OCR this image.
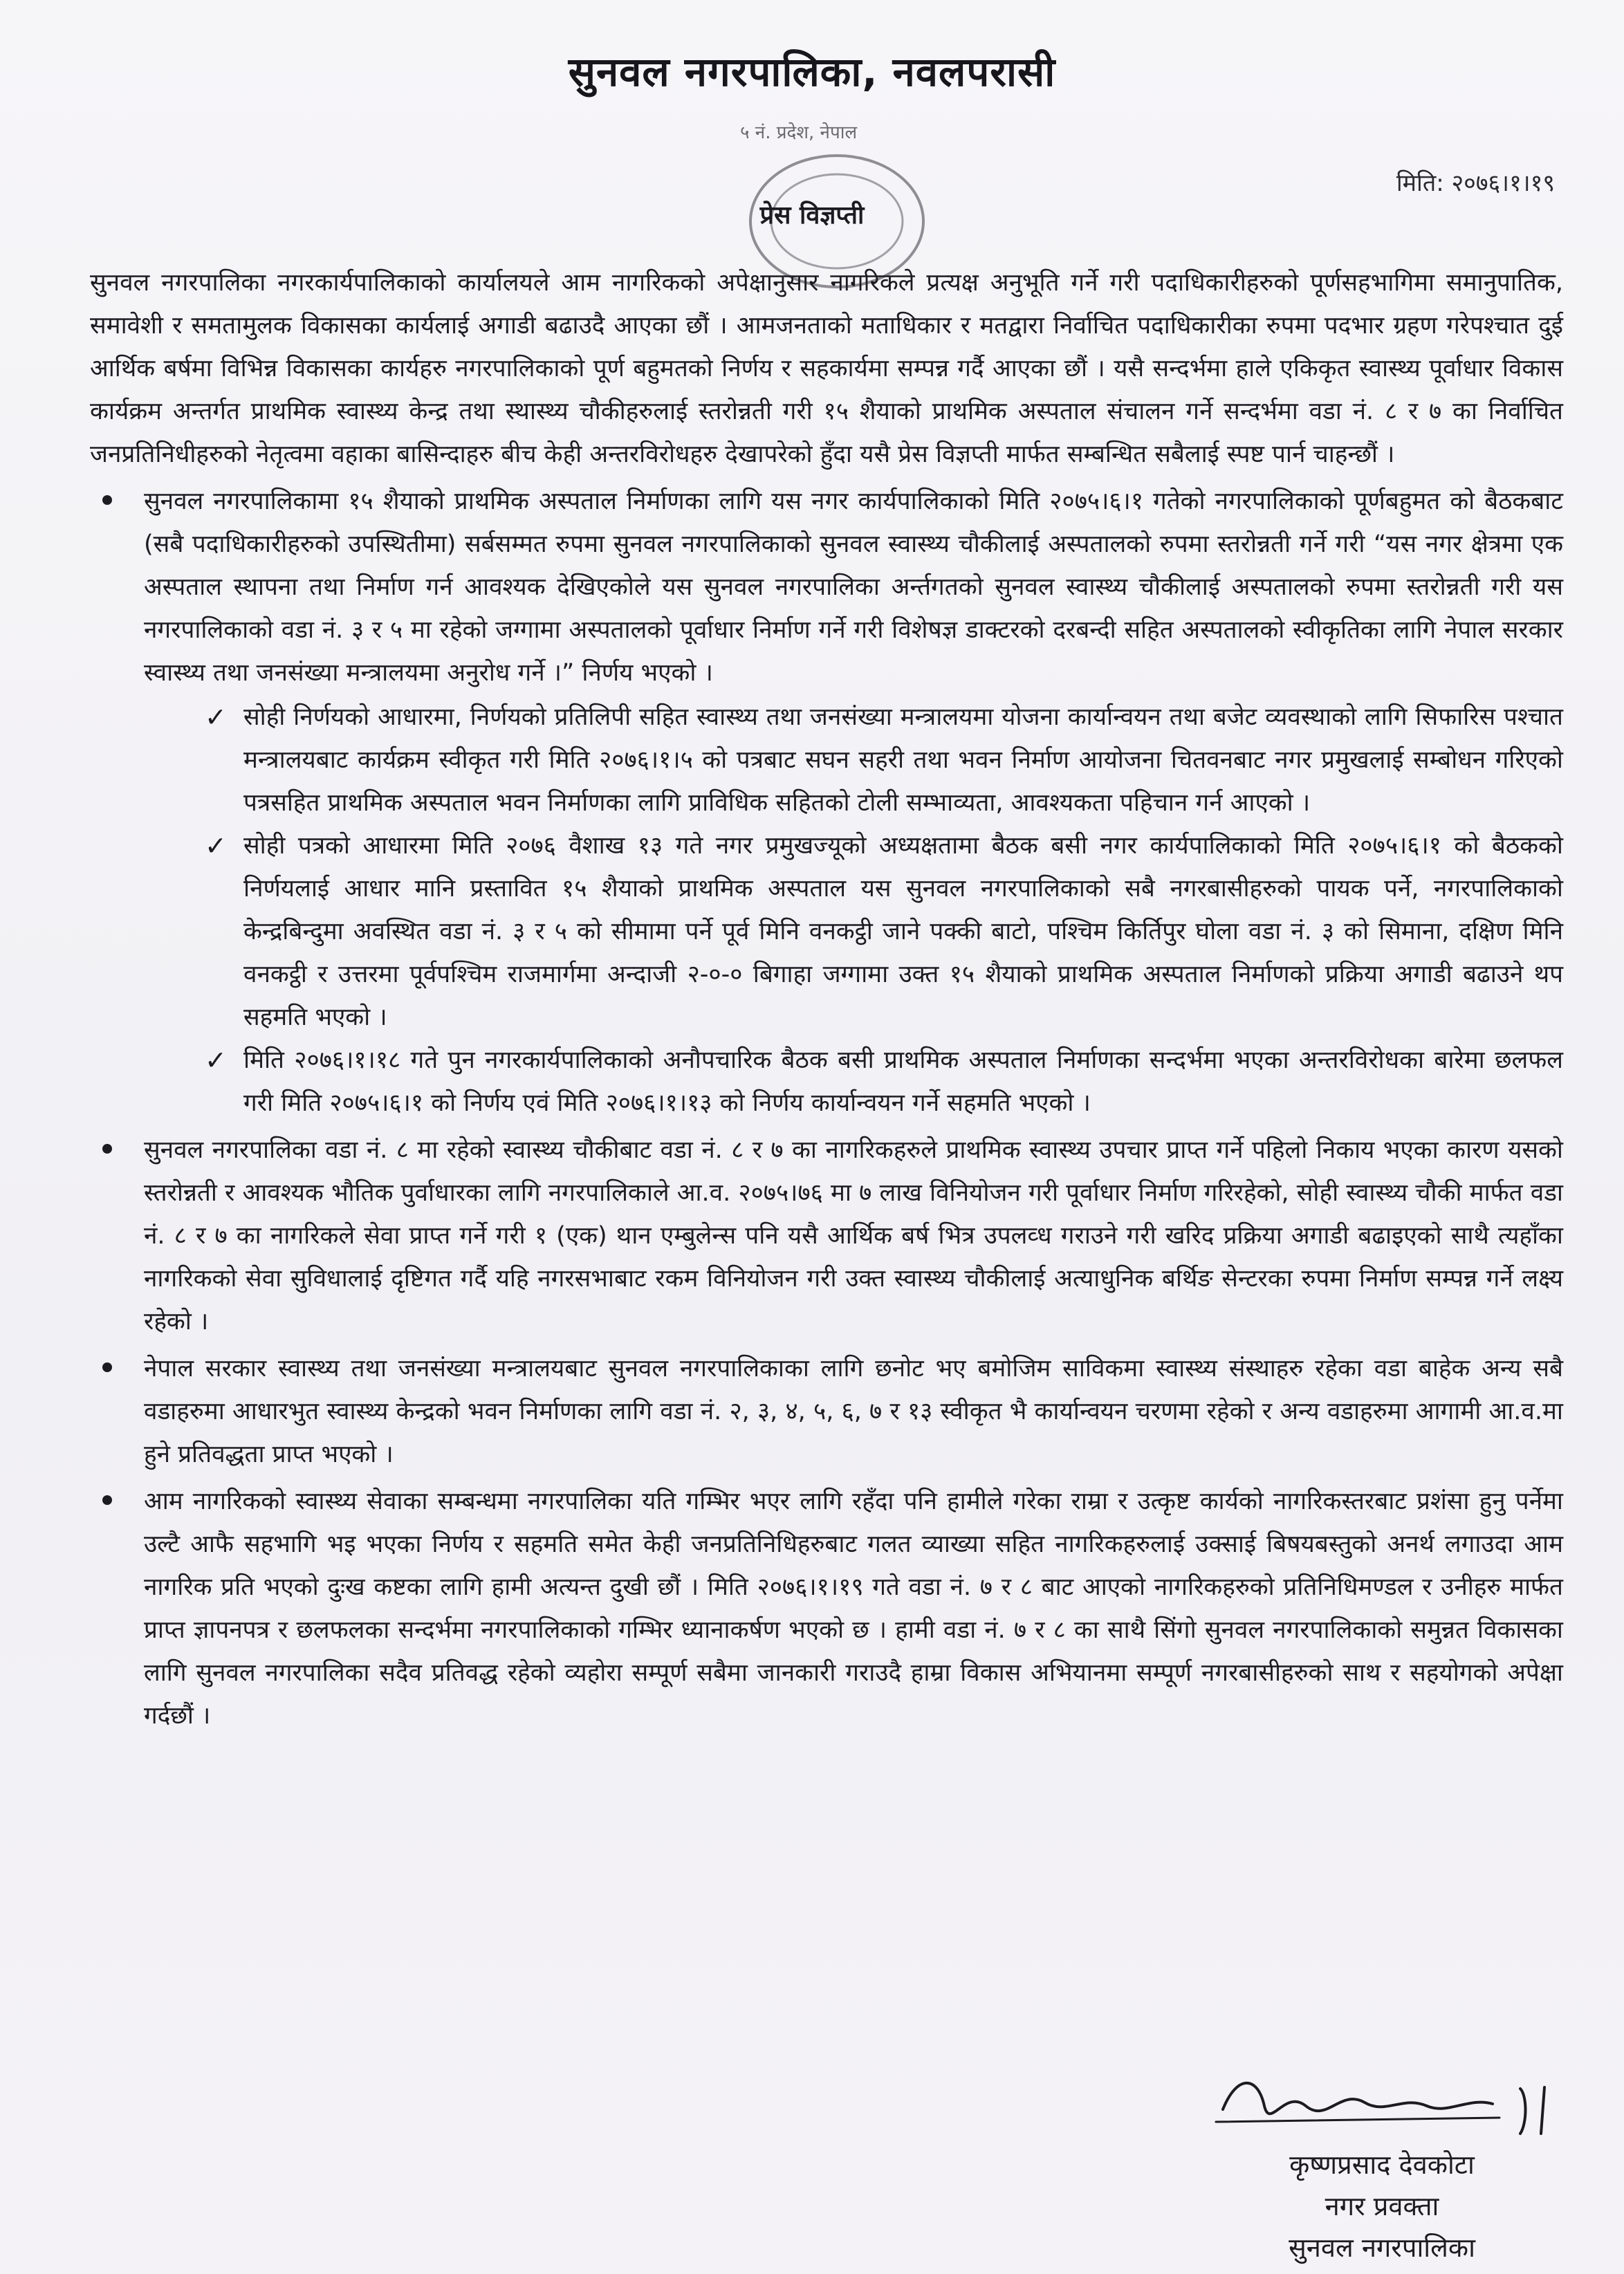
सुनवल नगरपालिका, नवलपरासी
५ नं. प्रदेश, नेपाल
मिति: २०७६।१।१९
प्रेस विज्ञप्ती

सुनवल नगरपालिका नगरकार्यपालिकाको कार्यालयले आम नागरिकको अपेक्षानुसार नागरिकले प्रत्यक्ष अनुभूति गर्ने गरी पदाधिकारीहरुको पूर्णसहभागिमा समानुपातिक, समावेशी र समतामुलक विकासका कार्यलाई अगाडी बढाउदै आएका छौं । आमजनताको मताधिकार र मतद्वारा निर्वाचित पदाधिकारीका रुपमा पदभार ग्रहण गरेपश्चात दुई आर्थिक बर्षमा विभिन्न विकासका कार्यहरु नगरपालिकाको पूर्ण बहुमतको निर्णय र सहकार्यमा सम्पन्न गर्दै आएका छौं । यसै सन्दर्भमा हाले एकिकृत स्वास्थ्य पूर्वाधार विकास कार्यक्रम अन्तर्गत प्राथमिक स्वास्थ्य केन्द्र तथा स्थास्थ्य चौकीहरुलाई स्तरोन्नती गरी १५ शैयाको प्राथमिक अस्पताल संचालन गर्ने सन्दर्भमा वडा नं. ८ र ७ का निर्वाचित जनप्रतिनिधीहरुको नेतृत्वमा वहाका बासिन्दाहरु बीच केही अन्तरविरोधहरु देखापरेको हुँदा यसै प्रेस विज्ञप्ती मार्फत सम्बन्धित सबैलाई स्पष्ट पार्न चाहन्छौं ।

सुनवल नगरपालिकामा १५ शैयाको प्राथमिक अस्पताल निर्माणका लागि यस नगर कार्यपालिकाको मिति २०७५।६।१ गतेको नगरपालिकाको पूर्णबहुमत को बैठकबाट (सबै पदाधिकारीहरुको उपस्थितीमा) सर्बसम्मत रुपमा सुनवल नगरपालिकाको सुनवल स्वास्थ्य चौकीलाई अस्पतालको रुपमा स्तरोन्नती गर्ने गरी “यस नगर क्षेत्रमा एक अस्पताल स्थापना तथा निर्माण गर्न आवश्यक देखिएकोले यस सुनवल नगरपालिका अर्न्तगतको सुनवल स्वास्थ्य चौकीलाई अस्पतालको रुपमा स्तरोन्नती गरी यस नगरपालिकाको वडा नं. ३ र ५ मा रहेको जग्गामा अस्पतालको पूर्वाधार निर्माण गर्ने गरी विशेषज्ञ डाक्टरको दरबन्दी सहित अस्पतालको स्वीकृतिका लागि नेपाल सरकार स्वास्थ्य तथा जनसंख्या मन्त्रालयमा अनुरोध गर्ने ।” निर्णय भएको ।
✓ सोही निर्णयको आधारमा, निर्णयको प्रतिलिपी सहित स्वास्थ्य तथा जनसंख्या मन्त्रालयमा योजना कार्यान्वयन तथा बजेट व्यवस्थाको लागि सिफारिस पश्चात मन्त्रालयबाट कार्यक्रम स्वीकृत गरी मिति २०७६।१।५ को पत्रबाट सघन सहरी तथा भवन निर्माण आयोजना चितवनबाट नगर प्रमुखलाई सम्बोधन गरिएको पत्रसहित प्राथमिक अस्पताल भवन निर्माणका लागि प्राविधिक सहितको टोली सम्भाव्यता, आवश्यकता पहिचान गर्न आएको ।
✓ सोही पत्रको आधारमा मिति २०७६ वैशाख १३ गते नगर प्रमुखज्यूको अध्यक्षतामा बैठक बसी नगर कार्यपालिकाको मिति २०७५।६।१ को बैठकको निर्णयलाई आधार मानि प्रस्तावित १५ शैयाको प्राथमिक अस्पताल यस सुनवल नगरपालिकाको सबै नगरबासीहरुको पायक पर्ने, नगरपालिकाको केन्द्रबिन्दुमा अवस्थित वडा नं. ३ र ५ को सीमामा पर्ने पूर्व मिनि वनकट्ठी जाने पक्की बाटो, पश्चिम किर्तिपुर घोला वडा नं. ३ को सिमाना, दक्षिण मिनि वनकट्ठी र उत्तरमा पूर्वपश्चिम राजमार्गमा अन्दाजी २-०-० बिगाहा जग्गामा उक्त १५ शैयाको प्राथमिक अस्पताल निर्माणको प्रक्रिया अगाडी बढाउने थप सहमति भएको ।
✓ मिति २०७६।१।१८ गते पुन नगरकार्यपालिकाको अनौपचारिक बैठक बसी प्राथमिक अस्पताल निर्माणका सन्दर्भमा भएका अन्तरविरोधका बारेमा छलफल गरी मिति २०७५।६।१ को निर्णय एवं मिति २०७६।१।१३ को निर्णय कार्यान्वयन गर्ने सहमति भएको ।
सुनवल नगरपालिका वडा नं. ८ मा रहेको स्वास्थ्य चौकीबाट वडा नं. ८ र ७ का नागरिकहरुले प्राथमिक स्वास्थ्य उपचार प्राप्त गर्ने पहिलो निकाय भएका कारण यसको स्तरोन्नती र आवश्यक भौतिक पुर्वाधारका लागि नगरपालिकाले आ.व. २०७५।७६ मा ७ लाख विनियोजन गरी पूर्वाधार निर्माण गरिरहेको, सोही स्वास्थ्य चौकी मार्फत वडा नं. ८ र ७ का नागरिकले सेवा प्राप्त गर्ने गरी १ (एक) थान एम्बुलेन्स पनि यसै आर्थिक बर्ष भित्र उपलव्ध गराउने गरी खरिद प्रक्रिया अगाडी बढाइएको साथै त्यहाँका नागरिकको सेवा सुविधालाई दृष्टिगत गर्दै यहि नगरसभाबाट रकम विनियोजन गरी उक्त स्वास्थ्य चौकीलाई अत्याधुनिक बर्थिङ सेन्टरका रुपमा निर्माण सम्पन्न गर्ने लक्ष्य रहेको ।
नेपाल सरकार स्वास्थ्य तथा जनसंख्या मन्त्रालयबाट सुनवल नगरपालिकाका लागि छनोट भए बमोजिम साविकमा स्वास्थ्य संस्थाहरु रहेका वडा बाहेक अन्य सबै वडाहरुमा आधारभुत स्वास्थ्य केन्द्रको भवन निर्माणका लागि वडा नं. २, ३, ४, ५, ६, ७ र १३ स्वीकृत भै कार्यान्वयन चरणमा रहेको र अन्य वडाहरुमा आगामी आ.व.मा हुने प्रतिवद्धता प्राप्त भएको ।
आम नागरिकको स्वास्थ्य सेवाका सम्बन्धमा नगरपालिका यति गम्भिर भएर लागि रहँदा पनि हामीले गरेका राम्रा र उत्कृष्ट कार्यको नागरिकस्तरबाट प्रशंसा हुनु पर्नेमा उल्टै आफै सहभागि भइ भएका निर्णय र सहमति समेत केही जनप्रतिनिधिहरुबाट गलत व्याख्या सहित नागरिकहरुलाई उक्साई बिषयबस्तुको अनर्थ लगाउदा आम नागरिक प्रति भएको दुःख कष्टका लागि हामी अत्यन्त दुखी छौं । मिति २०७६।१।१९ गते वडा नं. ७ र ८ बाट आएको नागरिकहरुको प्रतिनिधिमण्डल र उनीहरु मार्फत प्राप्त ज्ञापनपत्र र छलफलका सन्दर्भमा नगरपालिकाको गम्भिर ध्यानाकर्षण भएको छ । हामी वडा नं. ७ र ८ का साथै सिंगो सुनवल नगरपालिकाको समुन्नत विकासका लागि सुनवल नगरपालिका सदैव प्रतिवद्ध रहेको व्यहोरा सम्पूर्ण सबैमा जानकारी गराउदै हाम्रा विकास अभियानमा सम्पूर्ण नगरबासीहरुको साथ र सहयोगको अपेक्षा गर्दछौं ।
कृष्णप्रसाद देवकोटा
नगर प्रवक्ता
सुनवल नगरपालिका
